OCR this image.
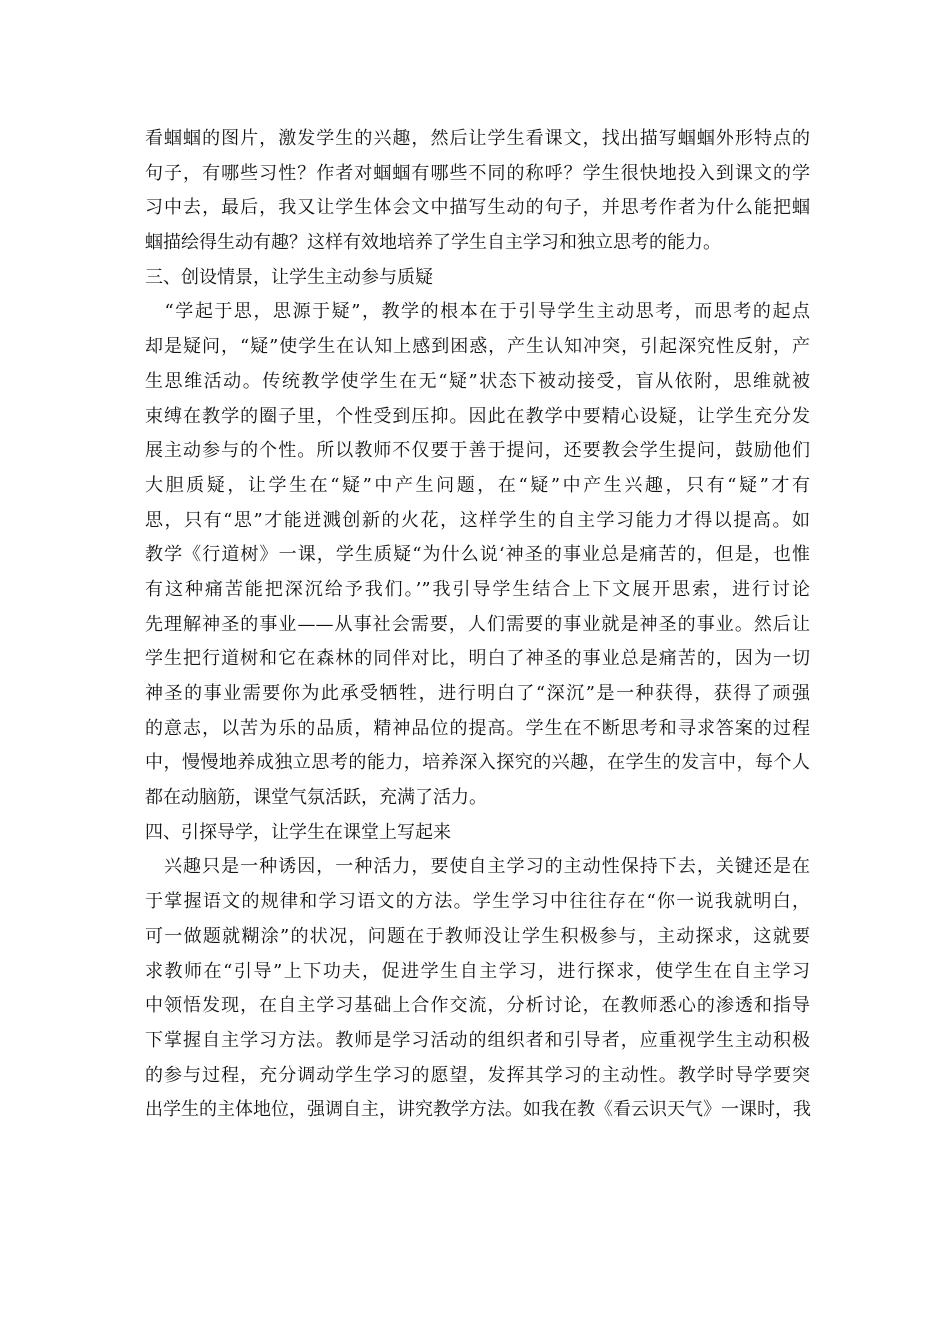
看蝈蝈的图片，激发学生的兴趣，然后让学生看课文，找出描写蝈蝈外形特点的
句子，有哪些习性？作者对蝈蝈有哪些不同的称呼？学生很快地投入到课文的学
习中去，最后，我又让学生体会文中描写生动的句子，并思考作者为什么能把蝈
蝈描绘得生动有趣？这样有效地培养了学生自主学习和独立思考的能力。
三、创设情景，让学生主动参与质疑
　“学起于思，思源于疑”，教学的根本在于引导学生主动思考，而思考的起点
却是疑问，“疑”使学生在认知上感到困惑，产生认知冲突，引起深究性反射，产
生思维活动。传统教学使学生在无“疑”状态下被动接受，盲从依附，思维就被
束缚在教学的圈子里，个性受到压抑。因此在教学中要精心设疑，让学生充分发
展主动参与的个性。所以教师不仅要于善于提问，还要教会学生提问，鼓励他们
大胆质疑，让学生在“疑”中产生问题，在“疑”中产生兴趣，只有“疑”才有
思，只有“思”才能迸溅创新的火花，这样学生的自主学习能力才得以提高。如
教学《行道树》一课，学生质疑“为什么说‘神圣的事业总是痛苦的，但是，也惟
有这种痛苦能把深沉给予我们。’”我引导学生结合上下文展开思索，进行讨论
先理解神圣的事业——从事社会需要，人们需要的事业就是神圣的事业。然后让
学生把行道树和它在森林的同伴对比，明白了神圣的事业总是痛苦的，因为一切
神圣的事业需要你为此承受牺牲，进行明白了“深沉”是一种获得，获得了顽强
的意志，以苦为乐的品质，精神品位的提高。学生在不断思考和寻求答案的过程
中，慢慢地养成独立思考的能力，培养深入探究的兴趣，在学生的发言中，每个人
都在动脑筋，课堂气氛活跃，充满了活力。
四、引探导学，让学生在课堂上写起来
　兴趣只是一种诱因，一种活力，要使自主学习的主动性保持下去，关键还是在
于掌握语文的规律和学习语文的方法。学生学习中往往存在“你一说我就明白，
可一做题就糊涂”的状况，问题在于教师没让学生积极参与，主动探求，这就要
求教师在“引导”上下功夫，促进学生自主学习，进行探求，使学生在自主学习
中领悟发现，在自主学习基础上合作交流，分析讨论，在教师悉心的渗透和指导
下掌握自主学习方法。教师是学习活动的组织者和引导者，应重视学生主动积极
的参与过程，充分调动学生学习的愿望，发挥其学习的主动性。教学时导学要突
出学生的主体地位，强调自主，讲究教学方法。如我在教《看云识天气》一课时，我
